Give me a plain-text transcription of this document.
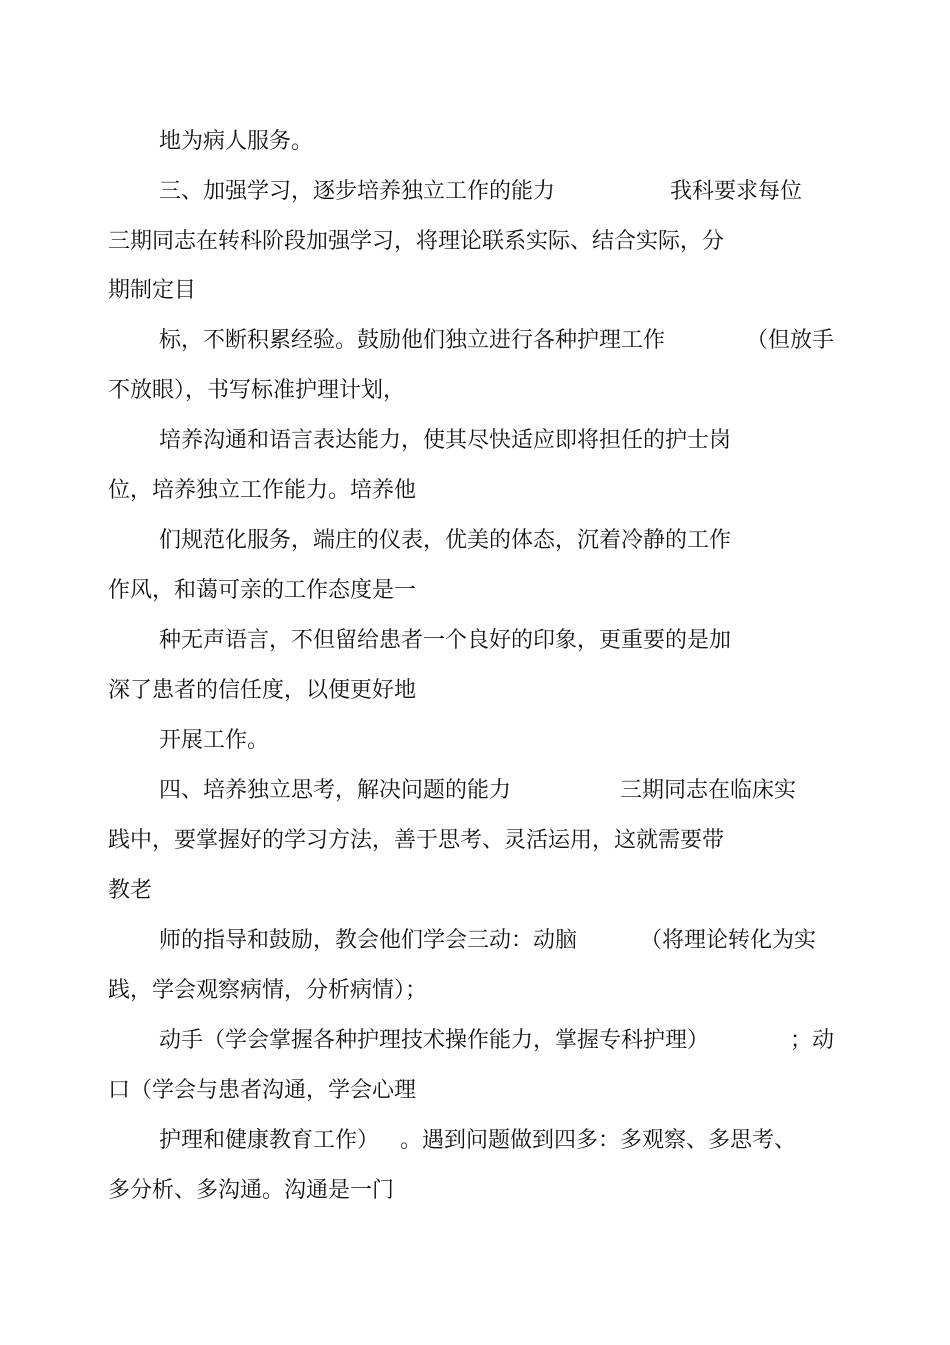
地为病人服务。
三、加强学习，逐步培养独立工作的能力	我科要求每位
三期同志在转科阶段加强学习，将理论联系实际、结合实际，分
期制定目
标，不断积累经验。鼓励他们独立进行各种护理工作	（但放手
不放眼），书写标准护理计划，
培养沟通和语言表达能力，使其尽快适应即将担任的护士岗
位，培养独立工作能力。培养他
们规范化服务，端庄的仪表，优美的体态，沉着冷静的工作
作风，和蔼可亲的工作态度是一
种无声语言，不但留给患者一个良好的印象，更重要的是加
深了患者的信任度，以便更好地
开展工作。
四、培养独立思考，解决问题的能力	三期同志在临床实
践中，要掌握好的学习方法，善于思考、灵活运用，这就需要带
教老
师的指导和鼓励，教会他们学会三动：动脑	（将理论转化为实
践，学会观察病情，分析病情）；
动手（学会掌握各种护理技术操作能力，掌握专科护理）	；动
口（学会与患者沟通，学会心理
护理和健康教育工作） 。遇到问题做到四多：多观察、多思考、
多分析、多沟通。沟通是一门
